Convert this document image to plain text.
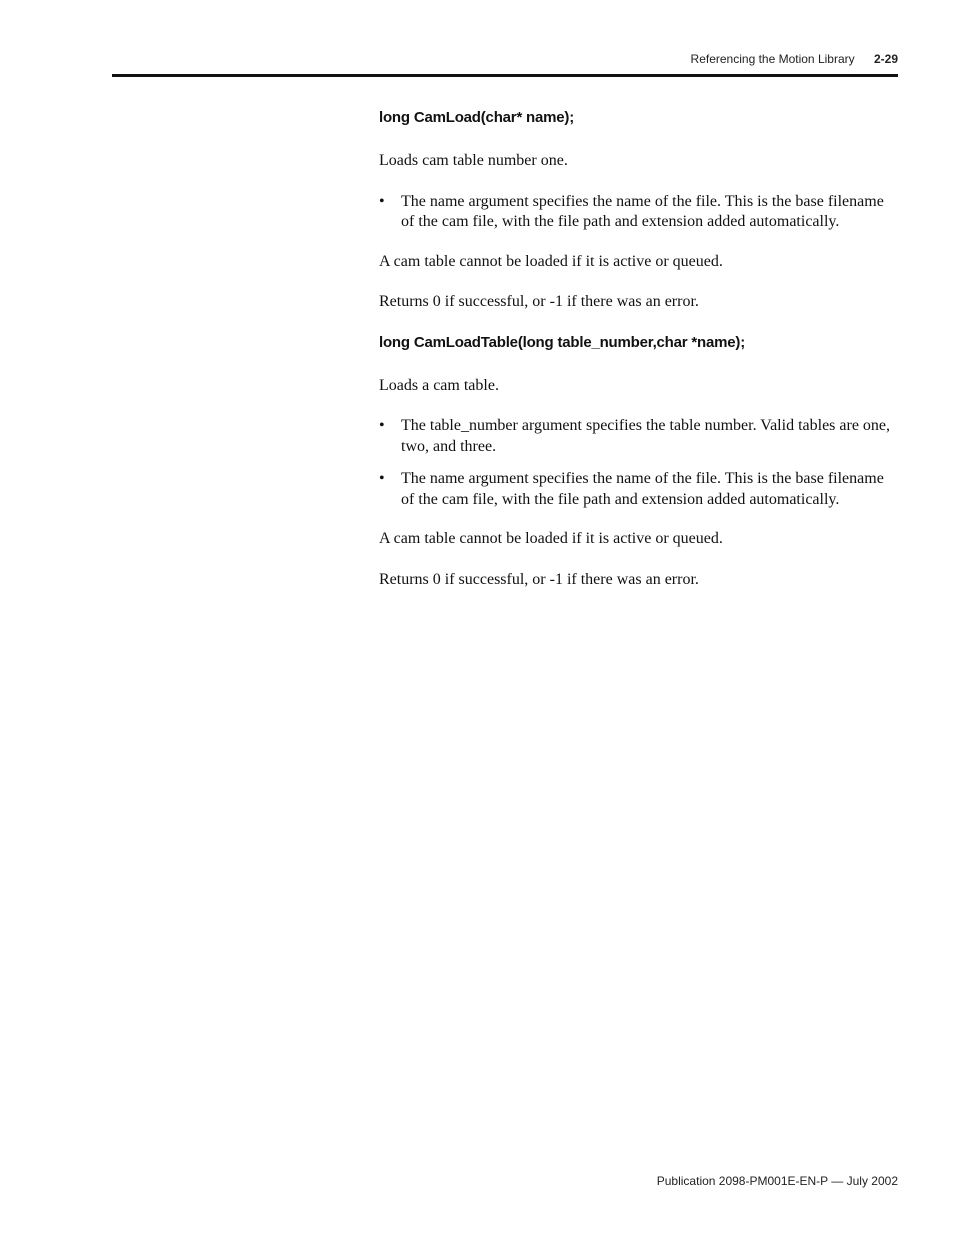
Referencing the Motion Library 2-29
long CamLoad(char* name);

Loads cam table number one.

• The name argument specifies the name of the file. This is the base filename of the cam file, with the file path and extension added automatically.

A cam table cannot be loaded if it is active or queued.

Returns 0 if successful, or -1 if there was an error.

long CamLoadTable(long table_number,char *name);

Loads a cam table.

• The table_number argument specifies the table number. Valid tables are one, two, and three.
• The name argument specifies the name of the file. This is the base filename of the cam file, with the file path and extension added automatically.

A cam table cannot be loaded if it is active or queued.

Returns 0 if successful, or -1 if there was an error.

Publication 2098-PM001E-EN-P — July 2002
